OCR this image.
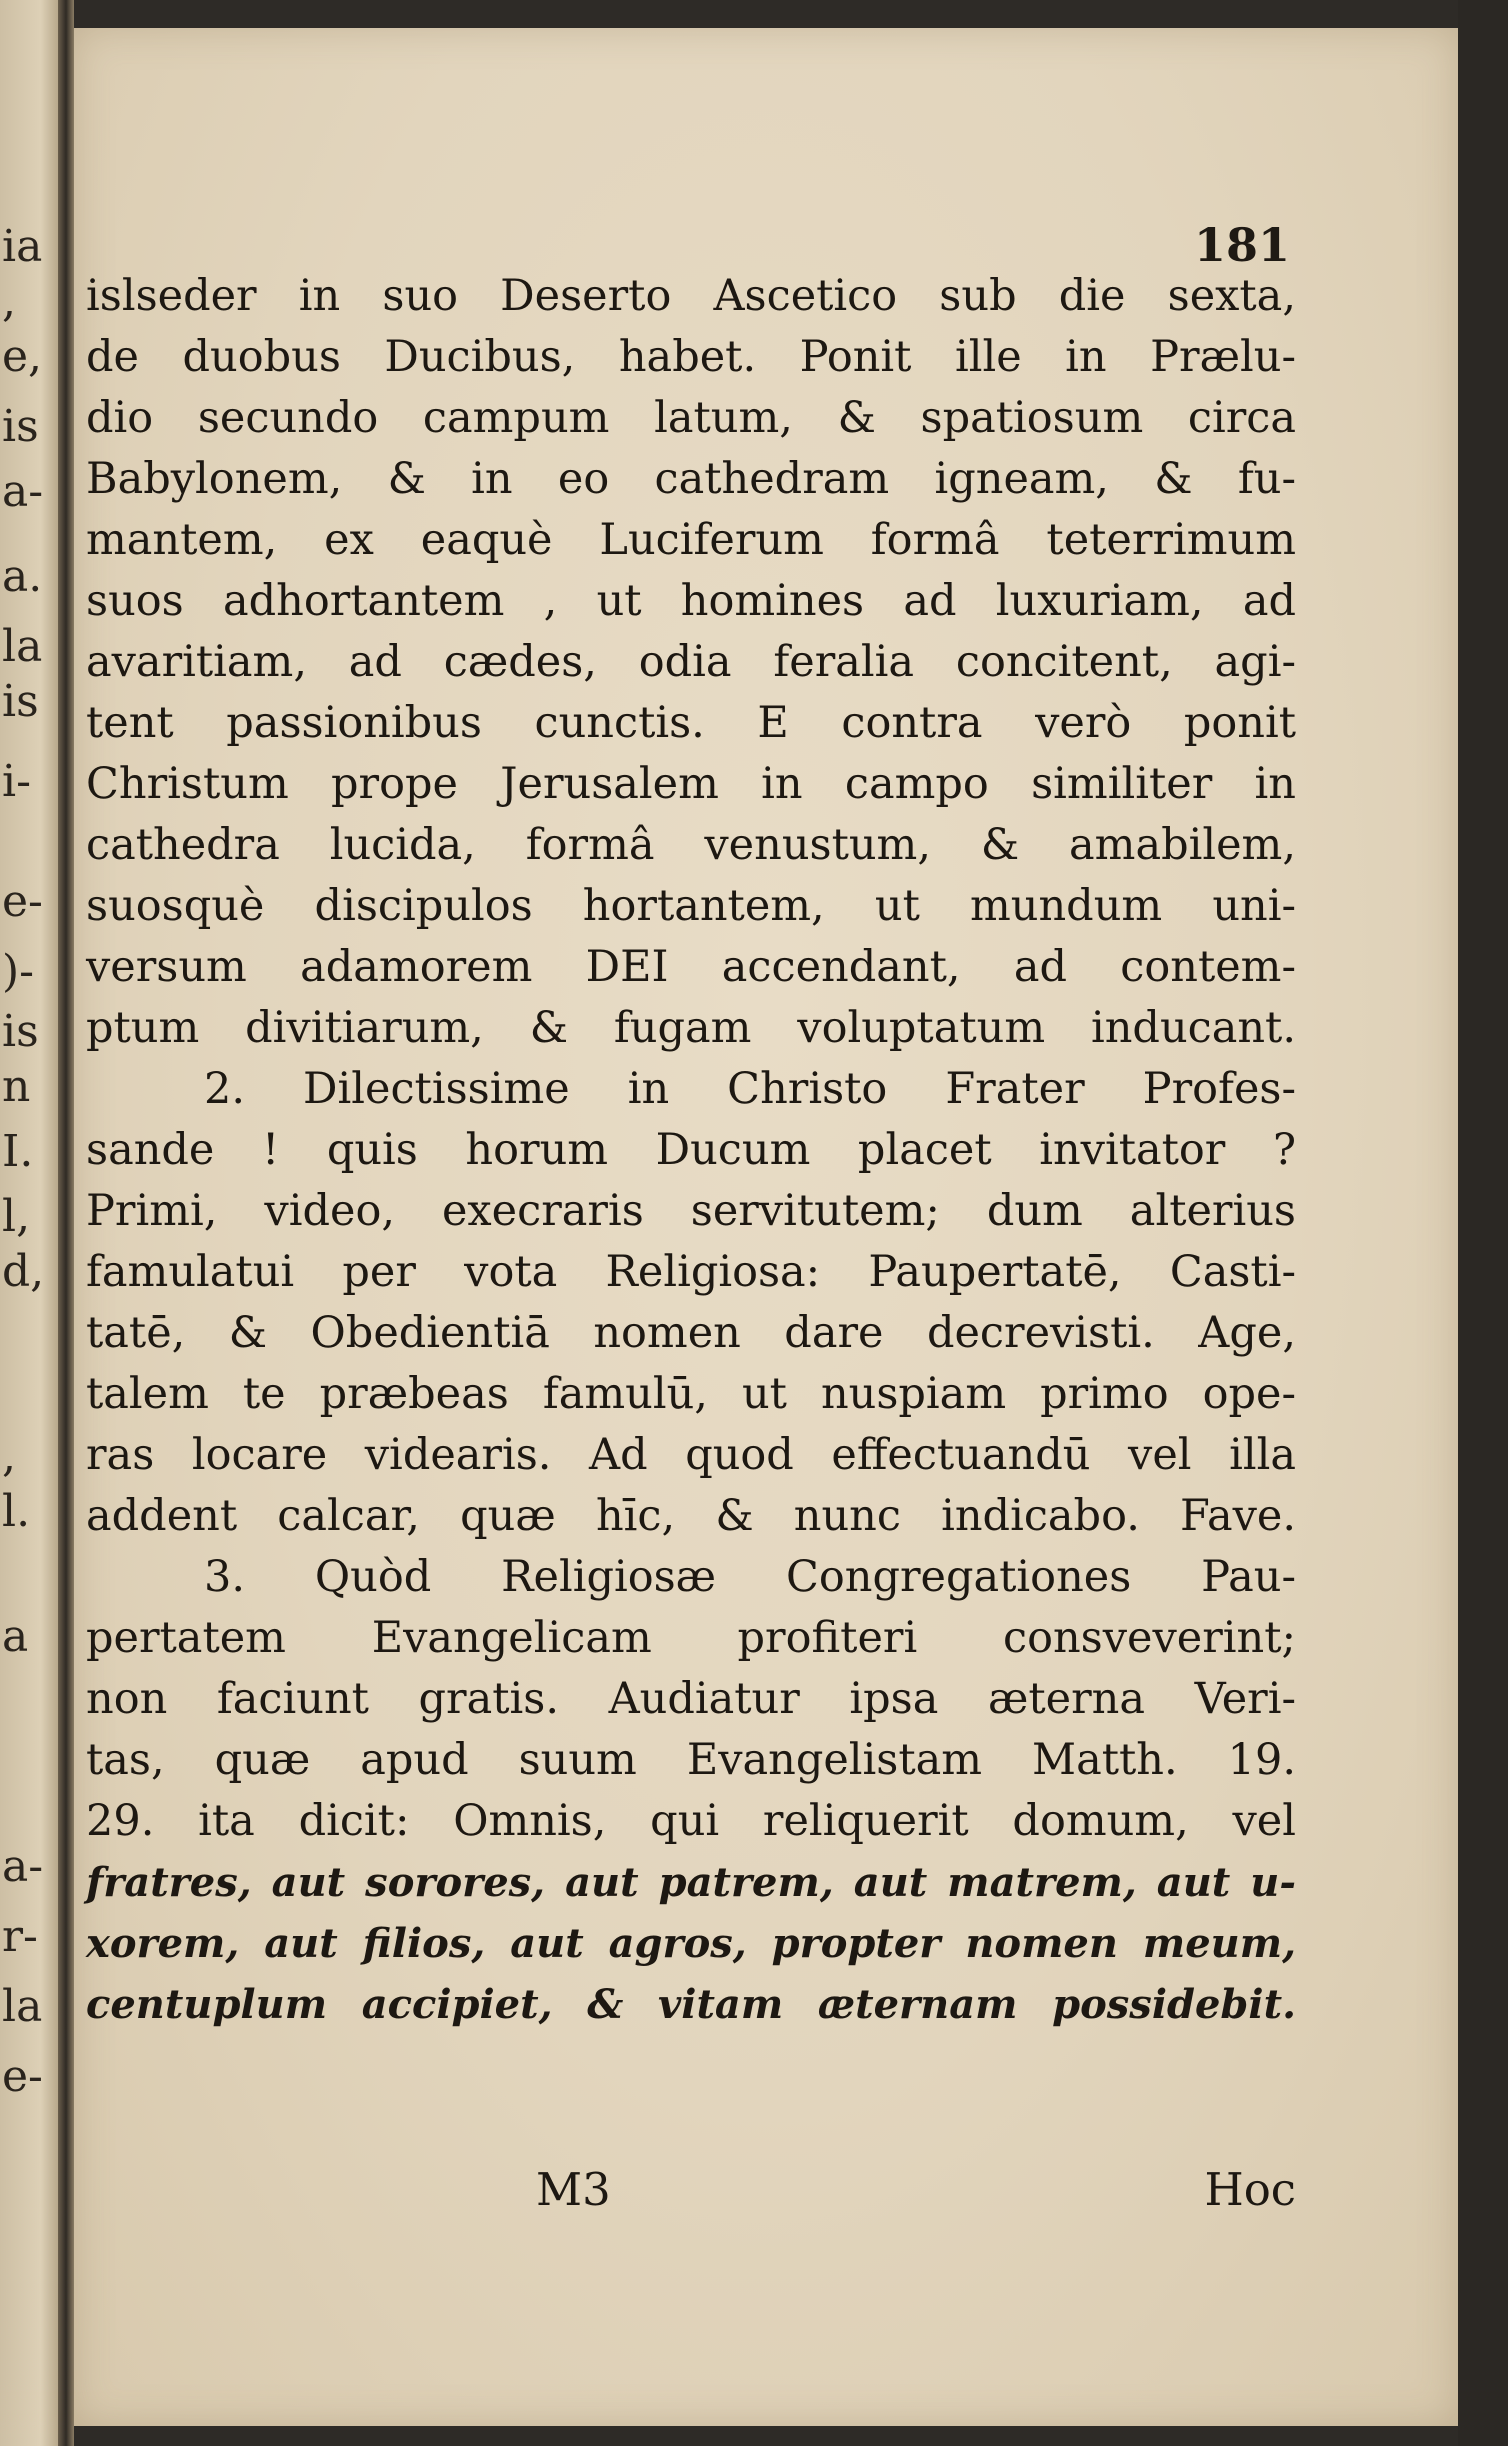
ia
,
e,
is
a-
a.
la
is
i-
e-
)-
is
n
I.
l,
d,
,
l.
a
a-
r-
la
e-
181
islseder in suo Deserto Ascetico sub die sexta,
de duobus Ducibus, habet. Ponit ille in Prælu-
dio secundo campum latum, & spatiosum circa
Babylonem, & in eo cathedram igneam, & fu-
mantem, ex eaquè Luciferum formâ teterrimum
suos adhortantem , ut homines ad luxuriam, ad
avaritiam, ad cædes, odia feralia concitent, agi-
tent passionibus cunctis. E contra verò ponit
Christum prope Jerusalem in campo similiter in
cathedra lucida, formâ venustum, & amabilem,
suosquè discipulos hortantem, ut mundum uni-
versum adamorem DEI accendant, ad contem-
ptum divitiarum, & fugam voluptatum inducant.
2. Dilectissime in Christo Frater Profes-
sande ! quis horum Ducum placet invitator ?
Primi, video, execraris servitutem; dum alterius
famulatui per vota Religiosa: Paupertatē, Casti-
tatē, & Obedientiā nomen dare decrevisti. Age,
talem te præbeas famulū, ut nuspiam primo ope-
ras locare videaris. Ad quod effectuandū vel illa
addent calcar, quæ hīc, & nunc indicabo. Fave.
3. Quòd Religiosæ Congregationes Pau-
pertatem Evangelicam profiteri consveverint;
non faciunt gratis. Audiatur ipsa æterna Veri-
tas, quæ apud suum Evangelistam Matth. 19.
29. ita dicit: Omnis, qui reliquerit domum, vel
fratres, aut sorores, aut patrem, aut matrem, aut u-
xorem, aut filios, aut agros, propter nomen meum,
centuplum accipiet, & vitam æternam possidebit.
M3	Hoc
